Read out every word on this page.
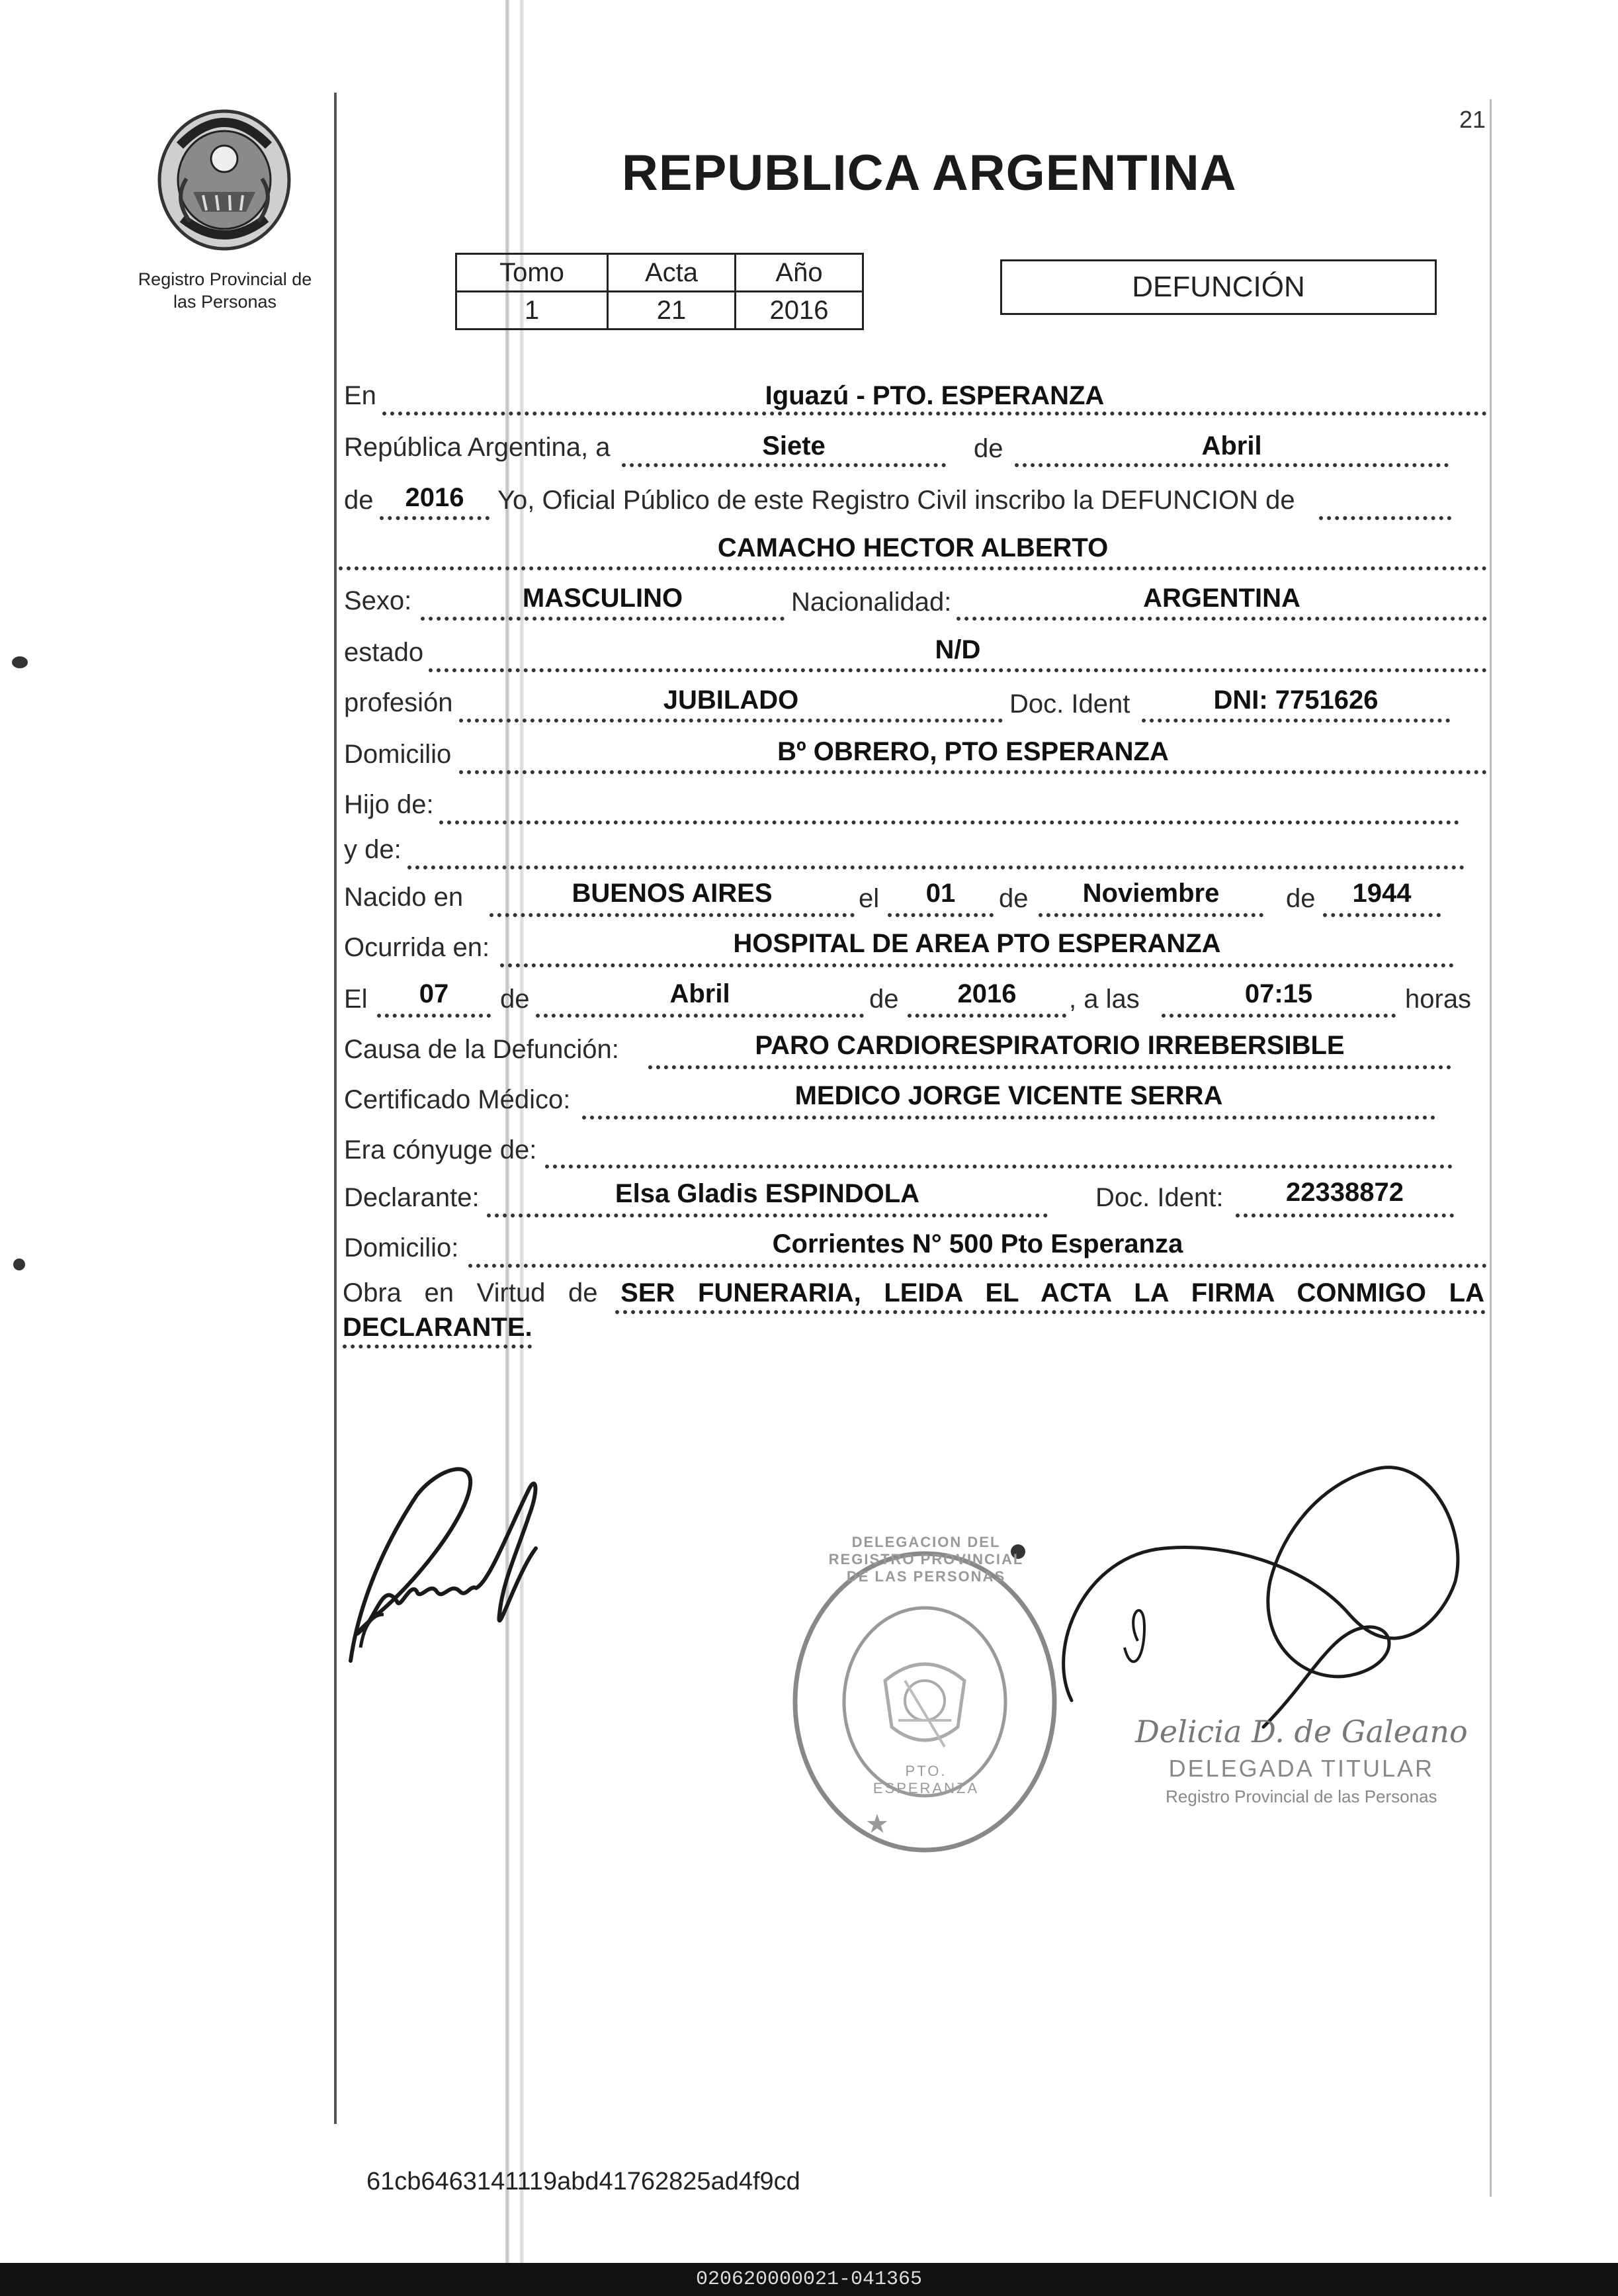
21
Registro Provincial de
las Personas
REPUBLICA ARGENTINA
Tomo	Acta	Año
1	21	2016
DEFUNCIÓN
En	Iguazú - PTO. ESPERANZA
República Argentina, a	Siete	de	Abril
de	2016	Yo, Oficial Público de este Registro Civil inscribo la DEFUNCION de
CAMACHO HECTOR ALBERTO
Sexo:	MASCULINO	Nacionalidad:	ARGENTINA
estado	N/D
profesión	JUBILADO	Doc. Ident	DNI: 7751626
Domicilio	Bº OBRERO, PTO ESPERANZA
Hijo de:
y de:
Nacido en	BUENOS AIRES	el	01	de	Noviembre	de	1944
Ocurrida en:	HOSPITAL DE AREA PTO ESPERANZA
El	07	de	Abril	de	2016	, a las	07:15	horas
Causa de la Defunción:	PARO CARDIORESPIRATORIO IRREBERSIBLE
Certificado Médico:	MEDICO JORGE VICENTE SERRA
Era cónyuge de:
Declarante:	Elsa Gladis ESPINDOLA	Doc. Ident:	22338872
Domicilio:	Corrientes N° 500 Pto Esperanza
Obra en Virtud de SER FUNERARIA, LEIDA EL ACTA LA FIRMA CONMIGO LA
DECLARANTE.
★
DELEGACION DEL REGISTRO PROVINCIAL DE LAS PERSONAS
PTO. ESPERANZA
Delicia D. de Galeano
DELEGADA TITULAR
Registro Provincial de las Personas
61cb6463141119abd41762825ad4f9cd
020620000021-041365
